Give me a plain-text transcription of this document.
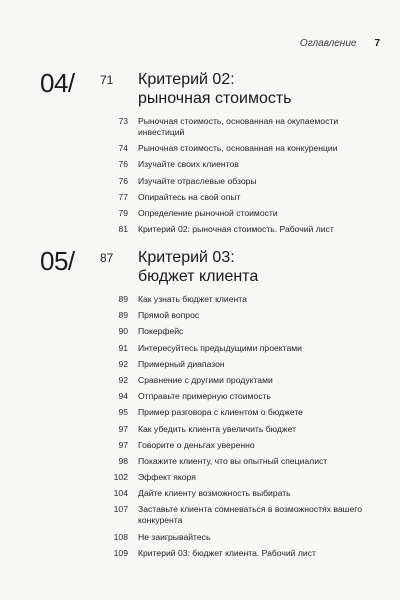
Оглавление 7
04/ 71	Критерий 02:
рыночная стоимость
73	Рыночная стоимость, основанная на окупаемости инвестиций
74	Рыночная стоимость, основанная на конкуренции
76	Изучайте своих клиентов
76	Изучайте отраслевые обзоры
77	Опирайтесь на свой опыт
79	Определение рыночной стоимости
81	Критерий 02: рыночная стоимость. Рабочий лист
05/ 87	Критерий 03:
бюджет клиента
89	Как узнать бюджет клиента
89	Прямой вопрос
90	Покерфейс
91	Интересуйтесь предыдущими проектами
92	Примерный диапазон
92	Сравнение с другими продуктами
94	Отправьте примерную стоимость
95	Пример разговора с клиентом о бюджете
97	Как убедить клиента увеличить бюджет
97	Говорите о деньгах уверенно
98	Покажите клиенту, что вы опытный специалист
102	Эффект якоря
104	Дайте клиенту возможность выбирать
107	Заставьте клиента сомневаться в возможностях вашего конкурента
108	Не заигрывайтесь
109	Критерий 03: бюджет клиента. Рабочий лист
